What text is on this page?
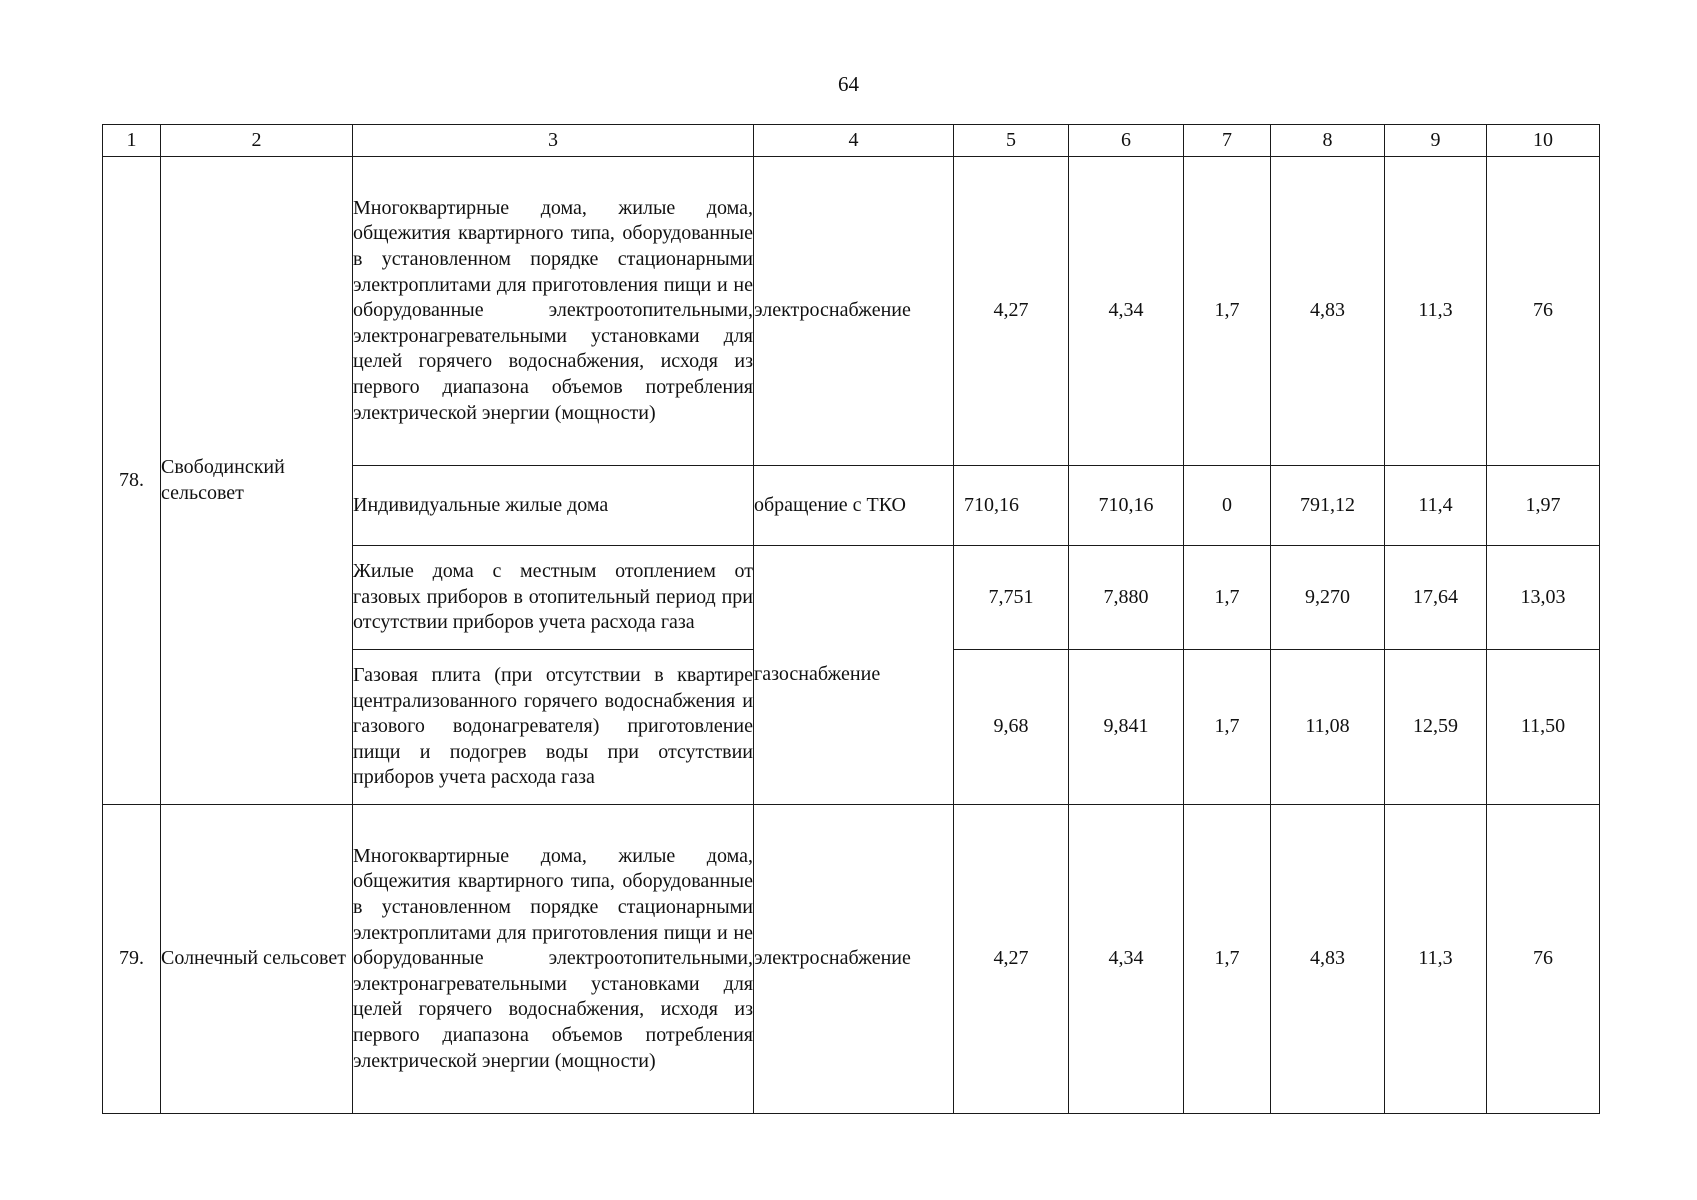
64
1	2	3	4	5	6	7	8	9	10
78.	Свободинский сельсовет	Многоквартирные дома, жилые дома, общежития квартирного типа, оборудованные в установленном порядке стационарными электроплитами для приготовления пищи и не оборудованные электроотопительными, электронагревательными установками для целей горячего водоснабжения, исходя из первого диапазона объемов потребления электрической энергии (мощности)	электроснабжение	4,27	4,34	1,7	4,83	11,3	76
		Индивидуальные жилые дома	обращение с ТКО	710,16	710,16	0	791,12	11,4	1,97
		Жилые дома с местным отоплением от газовых приборов в отопительный период при отсутствии приборов учета расхода газа	газоснабжение	7,751	7,880	1,7	9,270	17,64	13,03
		Газовая плита (при отсутствии в квартире централизованного горячего водоснабжения и газового водонагревателя) приготовление пищи и подогрев воды при отсутствии приборов учета расхода газа		9,68	9,841	1,7	11,08	12,59	11,50
79.	Солнечный сельсовет	Многоквартирные дома, жилые дома, общежития квартирного типа, оборудованные в установленном порядке стационарными электроплитами для приготовления пищи и не оборудованные электроотопительными, электронагревательными установками для целей горячего водоснабжения, исходя из первого диапазона объемов потребления электрической энергии (мощности)	электроснабжение	4,27	4,34	1,7	4,83	11,3	76
